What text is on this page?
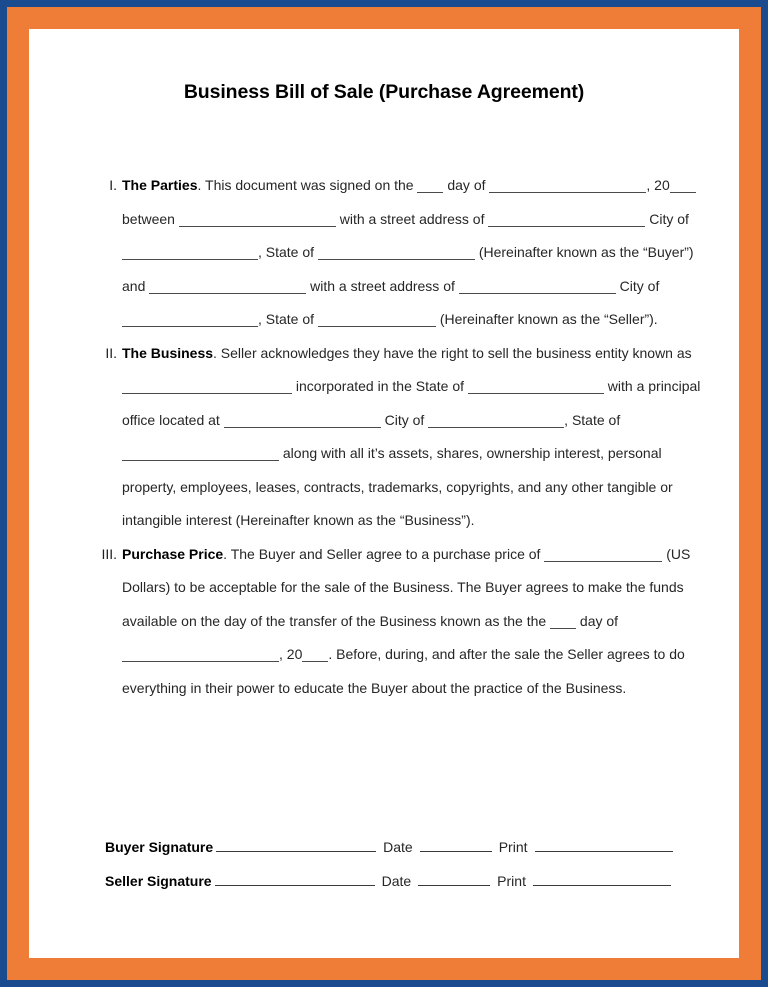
Business Bill of Sale (Purchase Agreement)
I. The Parties. This document was signed on the  day of	, 20 between	with a street address of	City of , State of	(Hereinafter known as the “Buyer”) and	with a street address of	City of , State of	(Hereinafter known as the “Seller”).
II. The Business. Seller acknowledges they have the right to sell the business entity known as  incorporated in the State of	with a principal office located at	City of	, State of  along with all it’s assets, shares, ownership interest, personal property, employees, leases, contracts, trademarks, copyrights, and any other tangible or intangible interest (Hereinafter known as the “Business”).
III. Purchase Price. The Buyer and Seller agree to a purchase price of	(US Dollars) to be acceptable for the sale of the Business. The Buyer agrees to make the funds available on the day of the transfer of the Business known as the the  day of , 20 . Before, during, and after the sale the Seller agrees to do everything in their power to educate the Buyer about the practice of the Business.
Buyer Signature	Date	Print
Seller Signature	Date	Print
